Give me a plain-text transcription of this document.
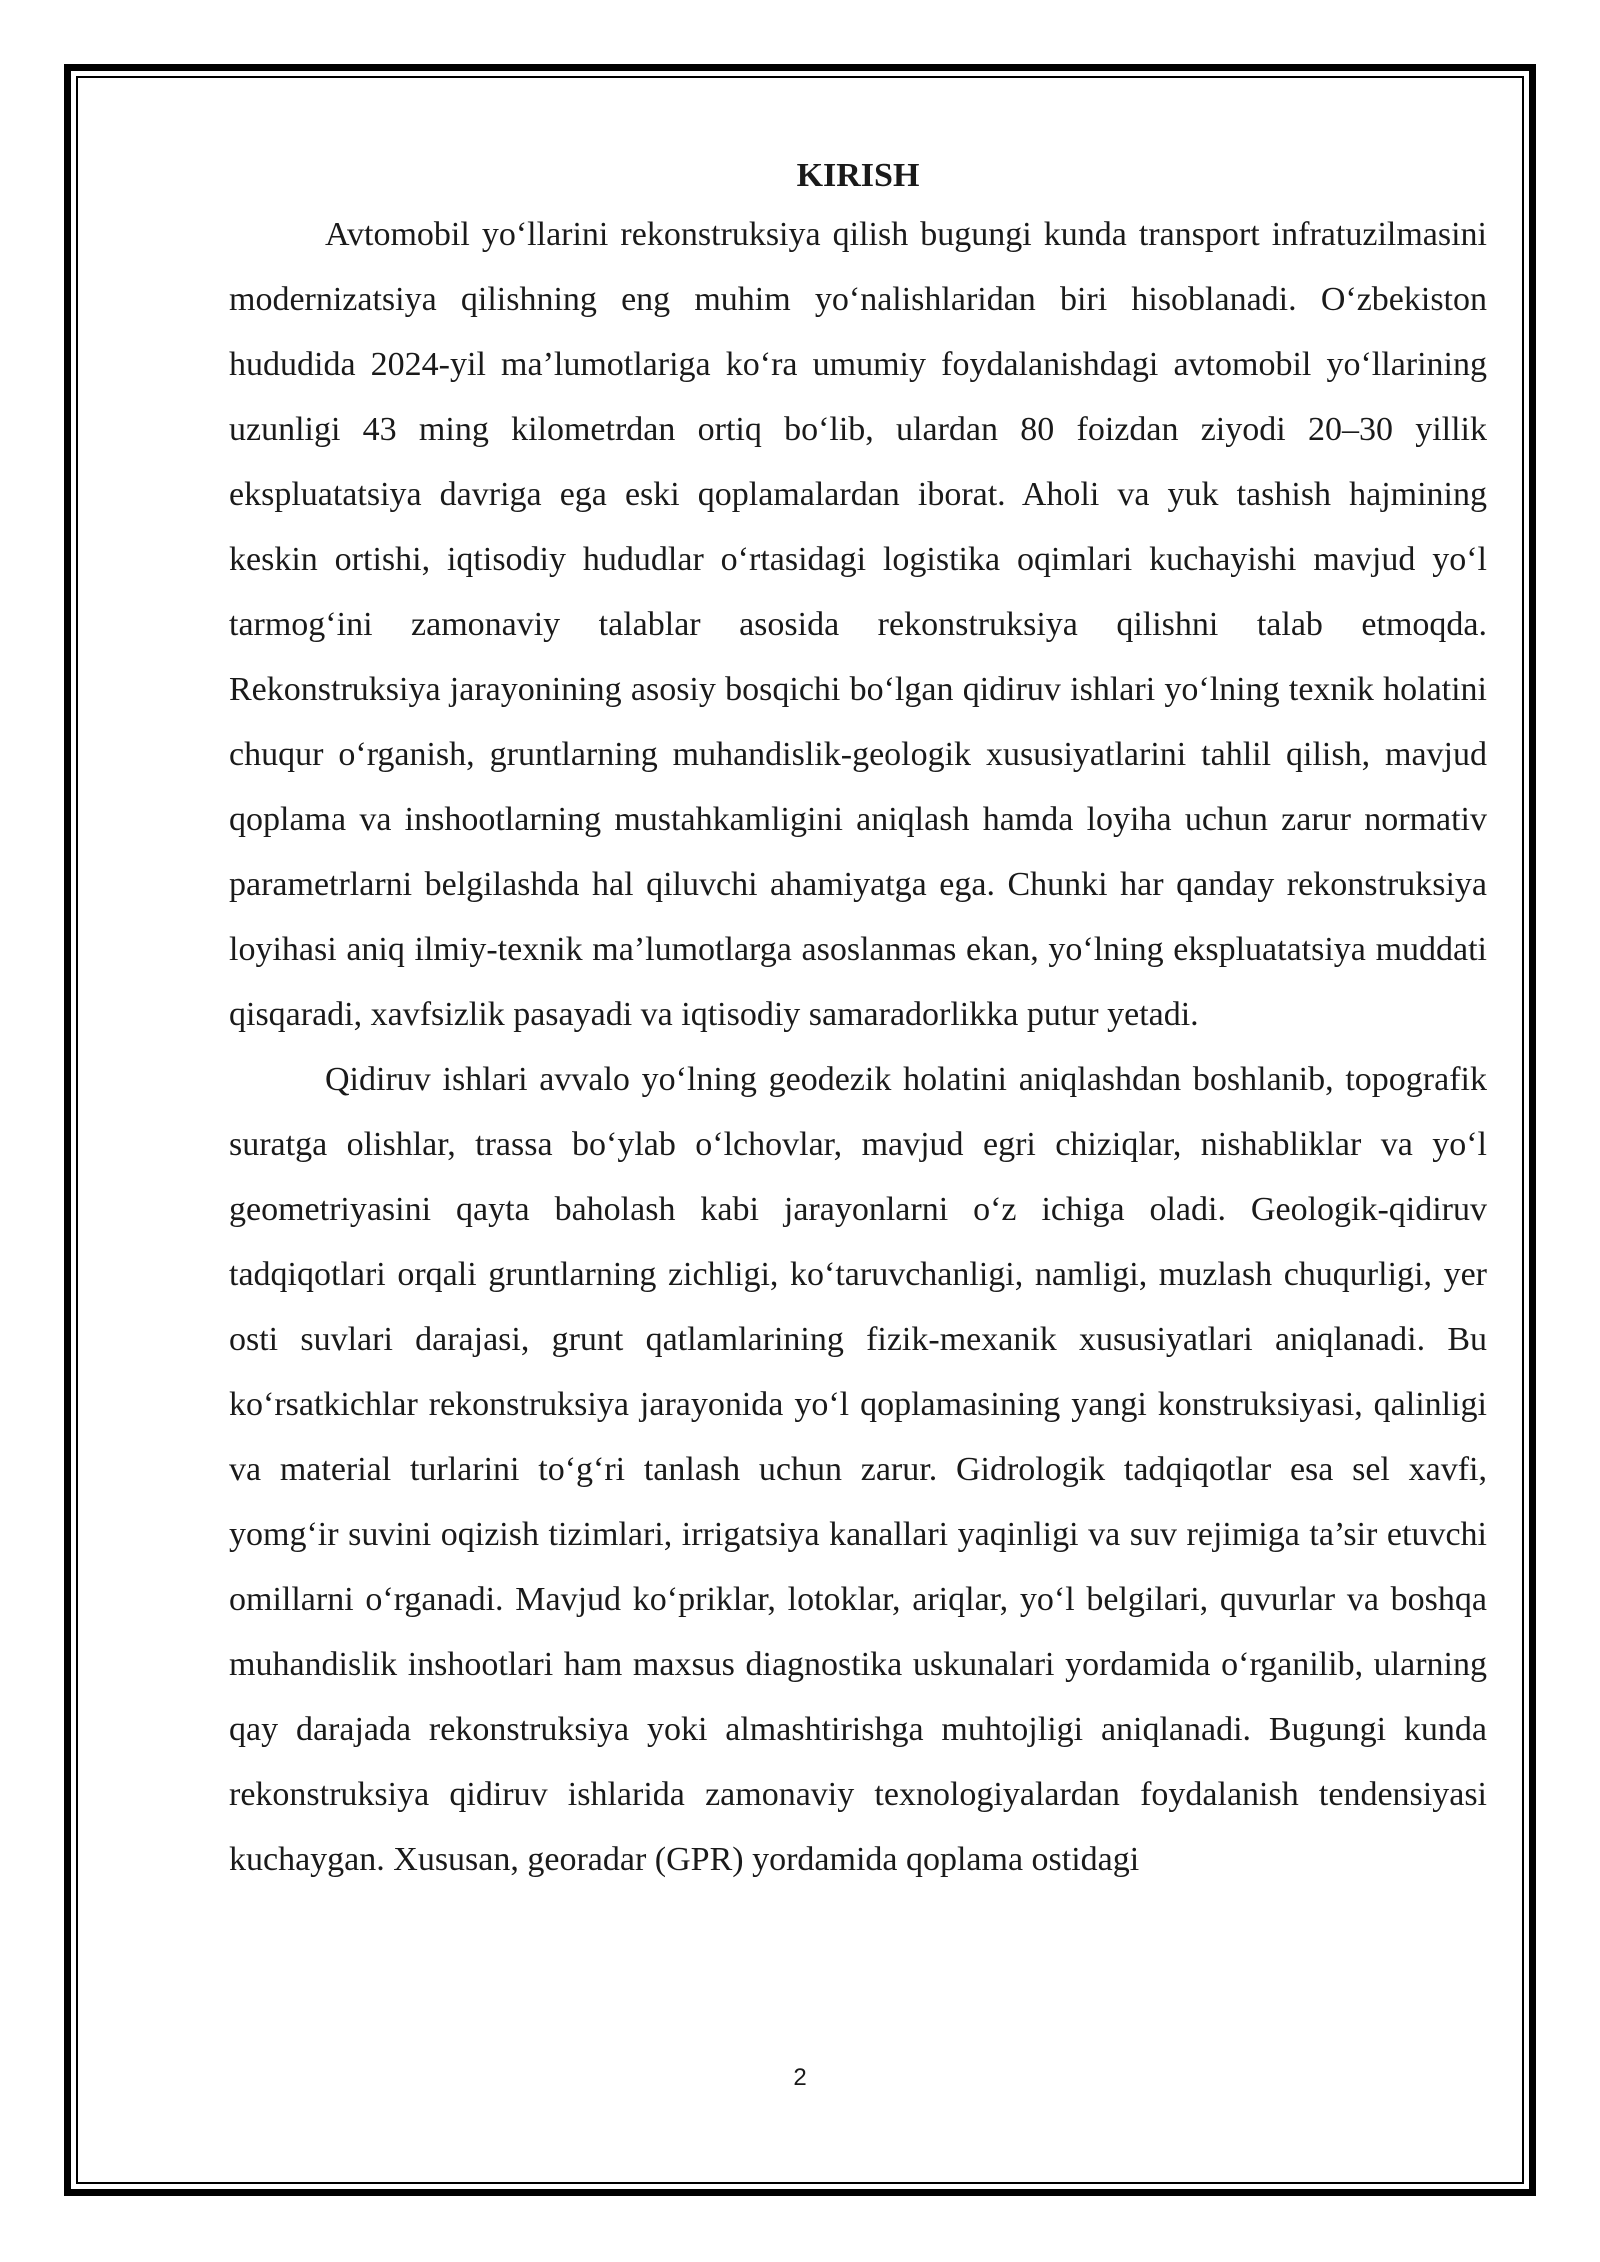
KIRISH

Avtomobil yo‘llarini rekonstruksiya qilish bugungi kunda transport infratuzilmasini modernizatsiya qilishning eng muhim yo‘nalishlaridan biri hisoblanadi. O‘zbekiston hududida 2024-yil ma’lumotlariga ko‘ra umumiy foydalanishdagi avtomobil yo‘llarining uzunligi 43 ming kilometrdan ortiq bo‘lib, ulardan 80 foizdan ziyodi 20–30 yillik ekspluatatsiya davriga ega eski qoplamalardan iborat. Aholi va yuk tashish hajmining keskin ortishi, iqtisodiy hududlar o‘rtasidagi logistika oqimlari kuchayishi mavjud yo‘l tarmog‘ini zamonaviy talablar asosida rekonstruksiya qilishni talab etmoqda. Rekonstruksiya jarayonining asosiy bosqichi bo‘lgan qidiruv ishlari yo‘lning texnik holatini chuqur o‘rganish, gruntlarning muhandislik-geologik xususiyatlarini tahlil qilish, mavjud qoplama va inshootlarning mustahkamligini aniqlash hamda loyiha uchun zarur normativ parametrlarni belgilashda hal qiluvchi ahamiyatga ega. Chunki har qanday rekonstruksiya loyihasi aniq ilmiy-texnik ma’lumotlarga asoslanmas ekan, yo‘lning ekspluatatsiya muddati qisqaradi, xavfsizlik pasayadi va iqtisodiy samaradorlikka putur yetadi.

Qidiruv ishlari avvalo yo‘lning geodezik holatini aniqlashdan boshlanib, topografik suratga olishlar, trassa bo‘ylab o‘lchovlar, mavjud egri chiziqlar, nishabliklar va yo‘l geometriyasini qayta baholash kabi jarayonlarni o‘z ichiga oladi. Geologik-qidiruv tadqiqotlari orqali gruntlarning zichligi, ko‘taruvchanligi, namligi, muzlash chuqurligi, yer osti suvlari darajasi, grunt qatlamlarining fizik-mexanik xususiyatlari aniqlanadi. Bu ko‘rsatkichlar rekonstruksiya jarayonida yo‘l qoplamasining yangi konstruksiyasi, qalinligi va material turlarini to‘g‘ri tanlash uchun zarur. Gidrologik tadqiqotlar esa sel xavfi, yomg‘ir suvini oqizish tizimlari, irrigatsiya kanallari yaqinligi va suv rejimiga ta’sir etuvchi omillarni o‘rganadi. Mavjud ko‘priklar, lotoklar, ariqlar, yo‘l belgilari, quvurlar va boshqa muhandislik inshootlari ham maxsus diagnostika uskunalari yordamida o‘rganilib, ularning qay darajada rekonstruksiya yoki almashtirishga muhtojligi aniqlanadi. Bugungi kunda rekonstruksiya qidiruv ishlarida zamonaviy texnologiyalardan foydalanish tendensiyasi kuchaygan. Xususan, georadar (GPR) yordamida qoplama ostidagi

2
